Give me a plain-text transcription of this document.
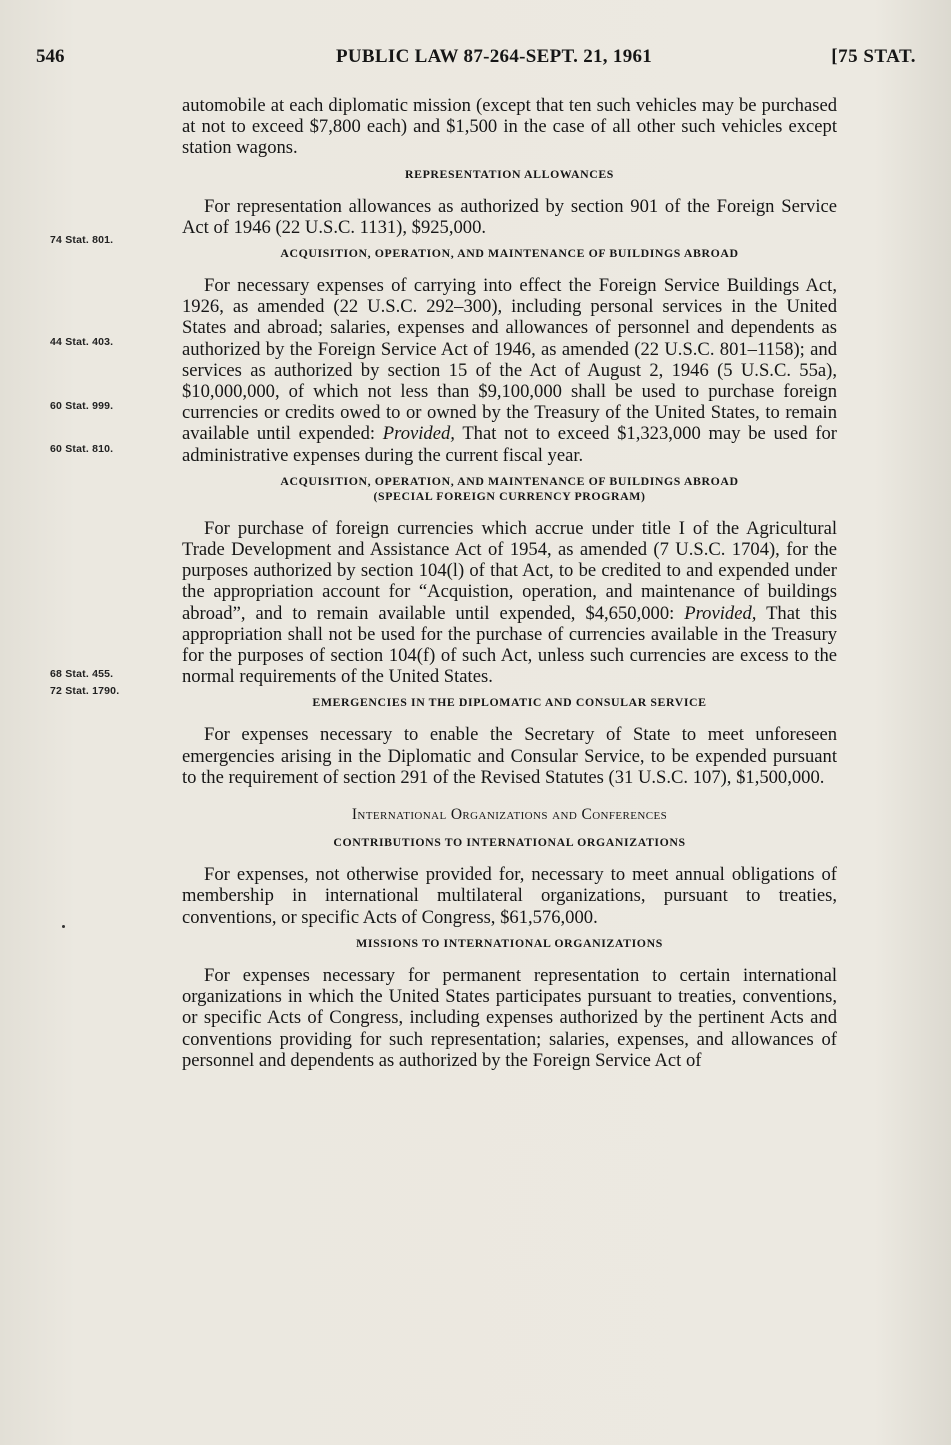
546	PUBLIC LAW 87-264-SEPT. 21, 1961	[75 STAT.
74 Stat. 801.
44 Stat. 403.
60 Stat. 999.
60 Stat. 810.
68 Stat. 455.
72 Stat. 1790.

automobile at each diplomatic mission (except that ten such vehicles may be purchased at not to exceed $7,800 each) and $1,500 in the case of all other such vehicles except station wagons.

REPRESENTATION ALLOWANCES

For representation allowances as authorized by section 901 of the Foreign Service Act of 1946 (22 U.S.C. 1131), $925,000.

ACQUISITION, OPERATION, AND MAINTENANCE OF BUILDINGS ABROAD

For necessary expenses of carrying into effect the Foreign Service Buildings Act, 1926, as amended (22 U.S.C. 292–300), including personal services in the United States and abroad; salaries, expenses and allowances of personnel and dependents as authorized by the Foreign Service Act of 1946, as amended (22 U.S.C. 801–1158); and services as authorized by section 15 of the Act of August 2, 1946 (5 U.S.C. 55a), $10,000,000, of which not less than $9,100,000 shall be used to purchase foreign currencies or credits owed to or owned by the Treasury of the United States, to remain available until expended: Provided, That not to exceed $1,323,000 may be used for administrative expenses during the current fiscal year.

ACQUISITION, OPERATION, AND MAINTENANCE OF BUILDINGS ABROAD
(SPECIAL FOREIGN CURRENCY PROGRAM)

For purchase of foreign currencies which accrue under title I of the Agricultural Trade Development and Assistance Act of 1954, as amended (7 U.S.C. 1704), for the purposes authorized by section 104(l) of that Act, to be credited to and expended under the appropriation account for “Acquistion, operation, and maintenance of buildings abroad”, and to remain available until expended, $4,650,000: Provided, That this appropriation shall not be used for the purchase of currencies available in the Treasury for the purposes of section 104(f) of such Act, unless such currencies are excess to the normal requirements of the United States.

EMERGENCIES IN THE DIPLOMATIC AND CONSULAR SERVICE

For expenses necessary to enable the Secretary of State to meet unforeseen emergencies arising in the Diplomatic and Consular Service, to be expended pursuant to the requirement of section 291 of the Revised Statutes (31 U.S.C. 107), $1,500,000.

International Organizations and Conferences
CONTRIBUTIONS TO INTERNATIONAL ORGANIZATIONS

For expenses, not otherwise provided for, necessary to meet annual obligations of membership in international multilateral organizations, pursuant to treaties, conventions, or specific Acts of Congress, $61,576,000.

MISSIONS TO INTERNATIONAL ORGANIZATIONS

For expenses necessary for permanent representation to certain international organizations in which the United States participates pursuant to treaties, conventions, or specific Acts of Congress, including expenses authorized by the pertinent Acts and conventions providing for such representation; salaries, expenses, and allowances of personnel and dependents as authorized by the Foreign Service Act of
